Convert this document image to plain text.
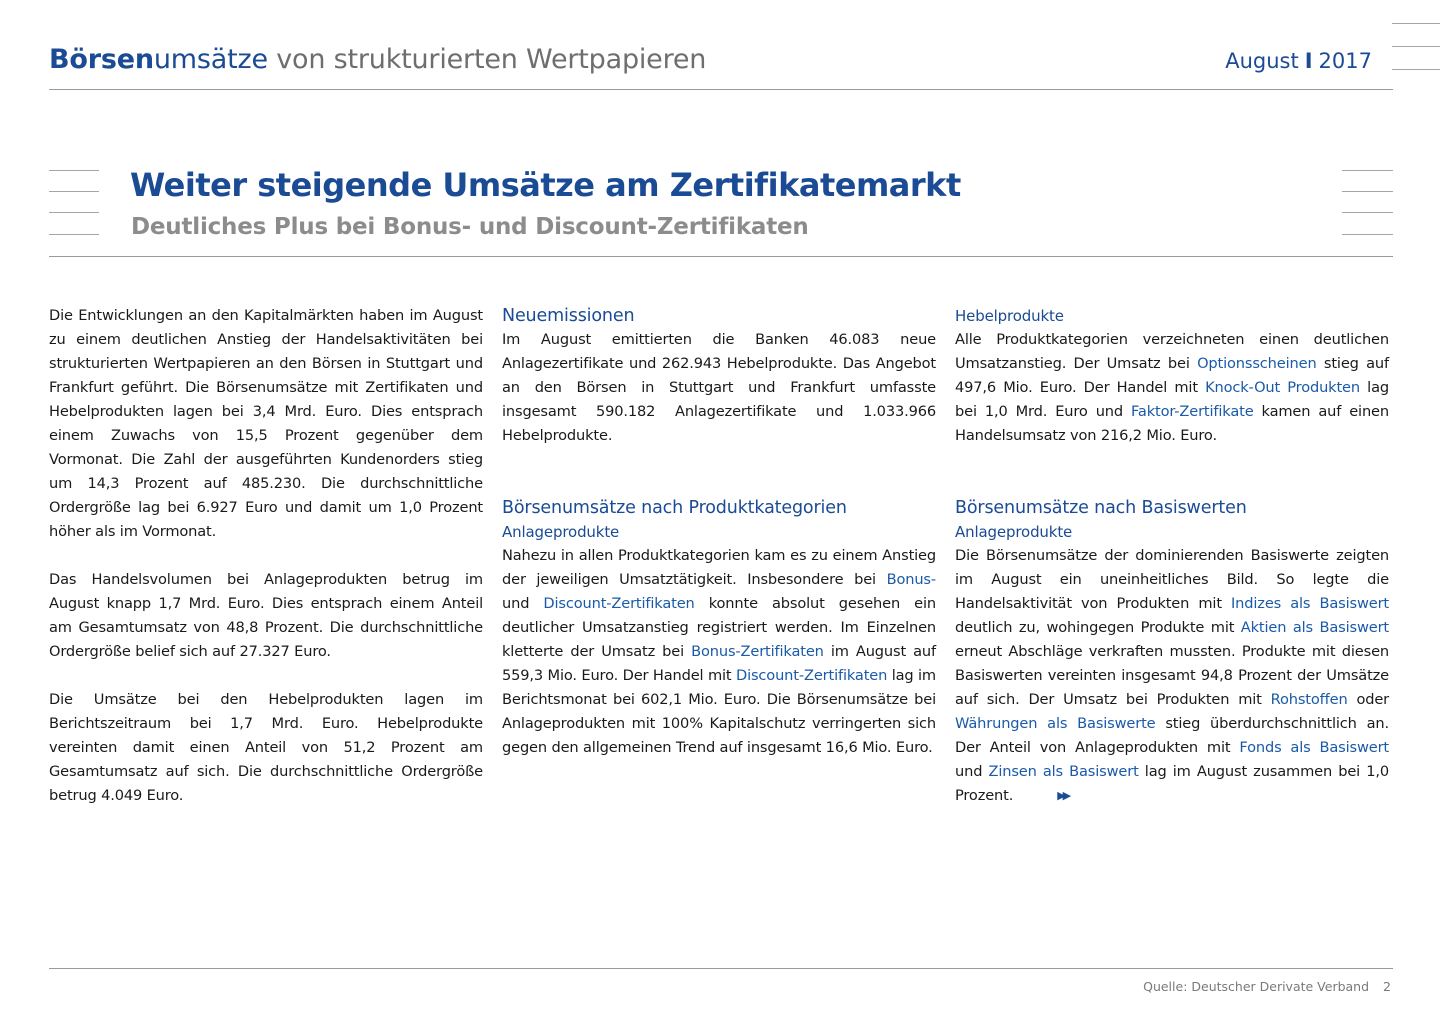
Börsenumsätze von strukturierten Wertpapieren	August I 2017
Weiter steigende Umsätze am Zertifikatemarkt
Deutliches Plus bei Bonus- und Discount-Zertifikaten

Die Entwicklungen an den Kapitalmärkten haben im August zu einem deutlichen Anstieg der Handelsaktivitäten bei strukturierten Wertpapieren an den Börsen in Stuttgart und Frankfurt geführt. Die Börsenumsätze mit Zertifikaten und Hebelprodukten lagen bei 3,4 Mrd. Euro. Dies entsprach einem Zuwachs von 15,5 Prozent gegenüber dem Vormonat. Die Zahl der ausgeführten Kundenorders stieg um 14,3 Prozent auf 485.230. Die durchschnittliche Ordergröße lag bei 6.927 Euro und damit um 1,0 Prozent höher als im Vormonat.

Das Handelsvolumen bei Anlageprodukten betrug im August knapp 1,7 Mrd. Euro. Dies entsprach einem Anteil am Gesamtumsatz von 48,8 Prozent. Die durchschnittliche Ordergröße belief sich auf 27.327 Euro.

Die Umsätze bei den Hebelprodukten lagen im Berichtszeitraum bei 1,7 Mrd. Euro. Hebelprodukte vereinten damit einen Anteil von 51,2 Prozent am Gesamtumsatz auf sich. Die durchschnittliche Ordergröße betrug 4.049 Euro.

Neuemissionen

Im August emittierten die Banken 46.083 neue Anlagezertifikate und 262.943 Hebelprodukte. Das Angebot an den Börsen in Stuttgart und Frankfurt umfasste insgesamt 590.182 Anlagezertifikate und 1.033.966 Hebelprodukte.

Börsenumsätze nach Produktkategorien
Anlageprodukte

Nahezu in allen Produktkategorien kam es zu einem Anstieg der jeweiligen Umsatztätigkeit. Insbesondere bei Bonus- und Discount-Zertifikaten konnte absolut gesehen ein deutlicher Umsatzanstieg registriert werden. Im Einzelnen kletterte der Umsatz bei Bonus-Zertifikaten im August auf 559,3 Mio. Euro. Der Handel mit Discount-Zertifikaten lag im Berichtsmonat bei 602,1 Mio. Euro. Die Börsenumsätze bei Anlageprodukten mit 100% Kapitalschutz verringerten sich gegen den allgemeinen Trend auf insgesamt 16,6 Mio. Euro.

Hebelprodukte

Alle Produktkategorien verzeichneten einen deutlichen Umsatzanstieg. Der Umsatz bei Optionsscheinen stieg auf 497,6 Mio. Euro. Der Handel mit Knock-Out Produkten lag bei 1,0 Mrd. Euro und Faktor-Zertifikate kamen auf einen Handelsumsatz von 216,2 Mio. Euro.

Börsenumsätze nach Basiswerten
Anlageprodukte

Die Börsenumsätze der dominierenden Basiswerte zeigten im August ein uneinheitliches Bild. So legte die Handelsaktivität von Produkten mit Indizes als Basiswert deutlich zu, wohingegen Produkte mit Aktien als Basiswert erneut Abschläge verkraften mussten. Produkte mit diesen Basiswerten vereinten insgesamt 94,8 Prozent der Umsätze auf sich. Der Umsatz bei Produkten mit Rohstoffen oder Währungen als Basiswerte stieg überdurchschnittlich an. Der Anteil von Anlageprodukten mit Fonds als Basiswert und Zinsen als Basiswert lag im August zusammen bei 1,0 Prozent.	▶▶

Quelle: Deutscher Derivate Verband 2
